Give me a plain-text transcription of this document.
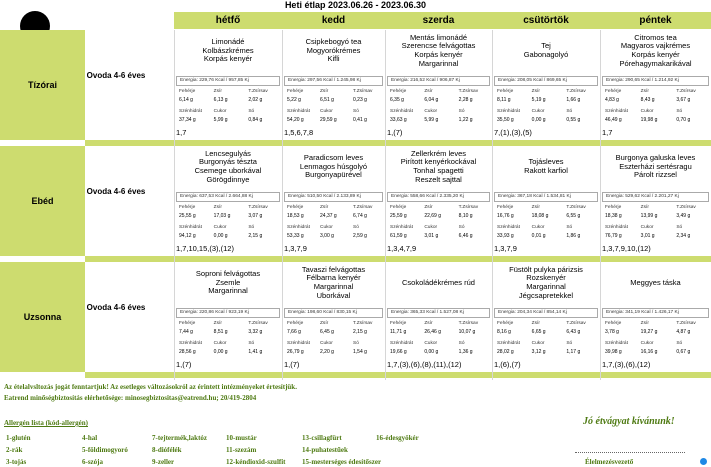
Heti étlap 2023.06.26 - 2023.06.30
hétfő	kedd	szerda	csütörtök	péntek
Tízórai
Ovoda 4-6 éves
Limonádé
Kolbászkrémes
Korpás kenyér
Energia: 229,76 Kcal / 957,85 Kj
Fehérje	Zsír	T.Zsírsav
6,14 g	6,13 g	2,02 g
Szénhidrát	Cukor	Só
37,34 g	5,99 g	0,84 g
1,7
Csipkebogyó tea
Mogyorókrémes
Kifli
Energia: 297,56 Kcal / 1.245,98 Kj
Fehérje	Zsír	T.Zsírsav
5,22 g	6,51 g	0,23 g
Szénhidrát	Cukor	Só
54,20 g	29,59 g	0,41 g
1,5,6,7,8
Mentás limonádé
Szerencse felvágottas
Korpás kenyér
Margarinnal
Energia: 216,52 Kcal / 906,87 Kj
Fehérje	Zsír	T.Zsírsav
6,35 g	6,04 g	2,28 g
Szénhidrát	Cukor	Só
33,63 g	5,99 g	1,22 g
1,(7)
Tej
Gabonagolyó
Energia: 208,05 Kcal / 869,65 Kj
Fehérje	Zsír	T.Zsírsav
8,11 g	5,19 g	1,66 g
Szénhidrát	Cukor	Só
35,50 g	0,00 g	0,55 g
7,(1),(3),(5)
Citromos tea
Magyaros vajkrémes
Korpás kenyér
Pórehagymakarikával
Energia: 290,65 Kcal / 1.214,92 Kj
Fehérje	Zsír	T.Zsírsav
4,83 g	8,43 g	3,67 g
Szénhidrát	Cukor	Só
46,49 g	19,98 g	0,70 g
1,7
Ebéd
Ovoda 4-6 éves
Lencsegulyás
Burgonyás tészta
Csemege uborkával
Görögdinnye
Energia: 637,53 Kcal / 2.664,88 Kj
Fehérje	Zsír	T.Zsírsav
25,55 g	17,03 g	3,07 g
Szénhidrát	Cukor	Só
94,12 g	0,00 g	2,15 g
1,7,10,15,(3),(12)
Paradicsom leves
Lenmagos húsgolyó
Burgonyapürével
Energia: 510,50 Kcal / 2.133,89 Kj
Fehérje	Zsír	T.Zsírsav
18,53 g	24,37 g	6,74 g
Szénhidrát	Cukor	Só
53,33 g	3,00 g	2,59 g
1,3,7,9
Zellerkrém leves
Pirított kenyérkockával
Tonhal spagetti
Reszelt sajttal
Energia: 558,66 Kcal / 2.335,20 Kj
Fehérje	Zsír	T.Zsírsav
25,59 g	22,69 g	8,10 g
Szénhidrát	Cukor	Só
61,59 g	3,01 g	6,46 g
1,3,4,7,9
Tojásleves
Rakott karfiol
Energia: 367,18 Kcal / 1.534,81 Kj
Fehérje	Zsír	T.Zsírsav
16,76 g	18,08 g	6,55 g
Szénhidrát	Cukor	Só
33,93 g	0,01 g	1,86 g
1,3,7,9
Burgonya galuska leves
Eszterházi sertésragu
Párolt rizzsel
Energia: 529,62 Kcal / 2.201,27 Kj
Fehérje	Zsír	T.Zsírsav
18,38 g	13,99 g	3,49 g
Szénhidrát	Cukor	Só
76,79 g	3,01 g	2,34 g
1,3,7,9,10,(12)
Uzsonna
Ovoda 4-6 éves
Soproni felvágottas
Zsemle
Margarinnal
Energia: 220,86 Kcal / 923,19 Kj
Fehérje	Zsír	T.Zsírsav
7,44 g	8,51 g	3,32 g
Szénhidrát	Cukor	Só
28,56 g	0,00 g	1,41 g
1,(7)
Tavaszi felvágottas
Félbarna kenyér
Margarinnal
Uborkával
Energia: 198,60 Kcal / 830,15 Kj
Fehérje	Zsír	T.Zsírsav
7,66 g	6,45 g	2,15 g
Szénhidrát	Cukor	Só
26,79 g	2,20 g	1,54 g
1,(7)
Csokoládékrémes rúd
Energia: 365,33 Kcal / 1.527,08 Kj
Fehérje	Zsír	T.Zsírsav
11,71 g	26,46 g	10,07 g
Szénhidrát	Cukor	Só
19,66 g	0,00 g	1,36 g
1,7,(3),(6),(8),(11),(12)
Füstölt pulyka párizsis
Rozskenyér
Margarinnal
Jégcsapretekkel
Energia: 204,34 Kcal / 854,14 Kj
Fehérje	Zsír	T.Zsírsav
8,16 g	6,65 g	6,43 g
Szénhidrát	Cukor	Só
28,02 g	3,12 g	1,17 g
1,(6),(7)
Meggyes táska
Energia: 341,19 Kcal / 1.426,17 Kj
Fehérje	Zsír	T.Zsírsav
3,78 g	19,27 g	4,87 g
Szénhidrát	Cukor	Só
39,98 g	16,16 g	0,67 g
1,7,(3),(6),(12)
Az ételalvsltozás jogát fenntartjuk! Az esetleges változásokról az érintett intézményeket értesítjük.
Eatrend minőségbiztosítás elérhetősége: minosegbiztositas@eatrend.hu; 20/419-2804
Allergén lista (kód-allergén)
1-glutén	4-hal	7-tejtermék,laktóz	10-mustár	13-csillagfürt	16-édesgyökér
2-rák	5-földimogyoró	8-diófélék	11-szezám	14-puhatestűek
3-tojás	6-szója	9-zeller	12-kéndioxid-szulfit 15-mesterséges édesítőszer
Jó étvágyat kívánunk!
Élelmezésvezető
